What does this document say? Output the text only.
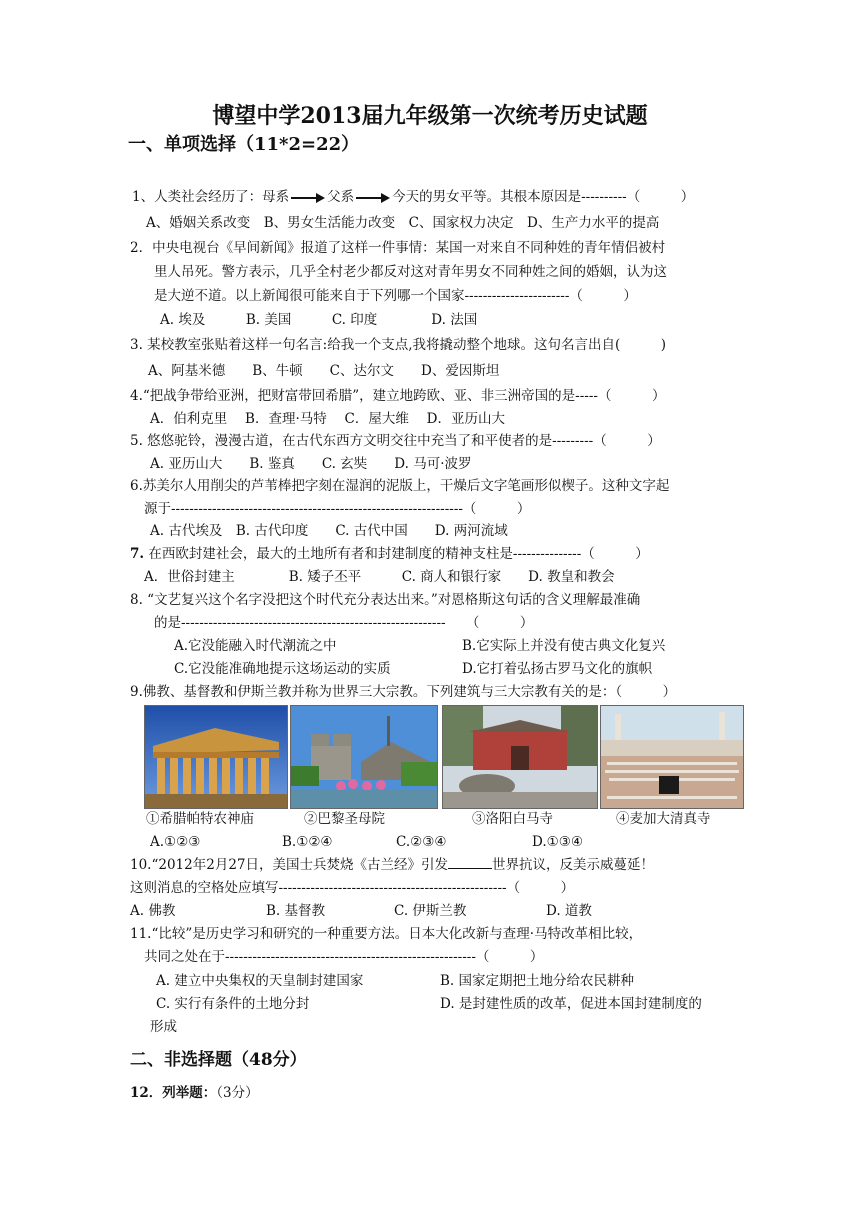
博望中学2013届九年级第一次统考历史试题
一、单项选择（11*2=22）
1、人类社会经历了：母系	父系	今天的男女平等。其根本原因是----------（　　　）
A、婚姻关系改变　B、男女生活能力改变　C、国家权力决定　D、生产力水平的提高
2．中央电视台《早间新闻》报道了这样一件事情：某国一对来自不同种姓的青年情侣被村
里人吊死。警方表示，几乎全村老少都反对这对青年男女不同种姓之间的婚姻，认为这
是大逆不道。以上新闻很可能来自于下列哪一个国家-----------------------（　　　）
A. 埃及　　　B. 美国　　　C. 印度　　　　D. 法国
3. 某校教室张贴着这样一句名言:给我一个支点,我将撬动整个地球。这句名言出自(　　　)
A、阿基米德　　B、牛顿　　C、达尔文　　D、爱因斯坦
4.“把战争带给亚洲，把财富带回希腊”，建立地跨欧、亚、非三洲帝国的是-----（　　　）
A．伯利克里　 B．查理·马特　 C．屋大维　 D．亚历山大
5. 悠悠驼铃，漫漫古道，在古代东西方文明交往中充当了和平使者的是---------（　　　）
A. 亚历山大　　B. 鉴真　　C. 玄奘　　D. 马可·波罗
6.苏美尔人用削尖的芦苇棒把字刻在湿润的泥版上，干燥后文字笔画形似楔子。这种文字起
源于----------------------------------------------------------------（　　　）
A. 古代埃及　B. 古代印度　　C. 古代中国　　D. 两河流域
7. 在西欧封建社会，最大的土地所有者和封建制度的精神支柱是---------------（　　　）
A．世俗封建主　　　　B. 矮子丕平　　　C. 商人和银行家　　D. 教皇和教会
8. “文艺复兴这个名字没把这个时代充分表达出来。”对恩格斯这句话的含义理解最准确
的是----------------------------------------------------------　　（　　　）
A.它没能融入时代潮流之中	B.它实际上并没有使古典文化复兴
C.它没能准确地提示这场运动的实质	D.它打着弘扬古罗马文化的旗帜
9.佛教、基督教和伊斯兰教并称为世界三大宗教。下列建筑与三大宗教有关的是：（　　　）
①希腊帕特农神庙	②巴黎圣母院	③洛阳白马寺	④麦加大清真寺
A.①②③	B.①②④	C.②③④	D.①③④
10.“2012年2月27日，美国士兵焚烧《古兰经》引发	世界抗议，反美示威蔓延！
这则消息的空格处应填写--------------------------------------------------（　　　）
A. 佛教	B. 基督教	C. 伊斯兰教	D. 道教
11.“比较”是历史学习和研究的一种重要方法。日本大化改新与查理·马特改革相比较，
共同之处在于-------------------------------------------------------（　　　）
A. 建立中央集权的天皇制封建国家	B. 国家定期把土地分给农民耕种
C. 实行有条件的土地分封	D. 是封建性质的改革，促进本国封建制度的
形成
二、非选择题（48分）
12．列举题：（3分）
